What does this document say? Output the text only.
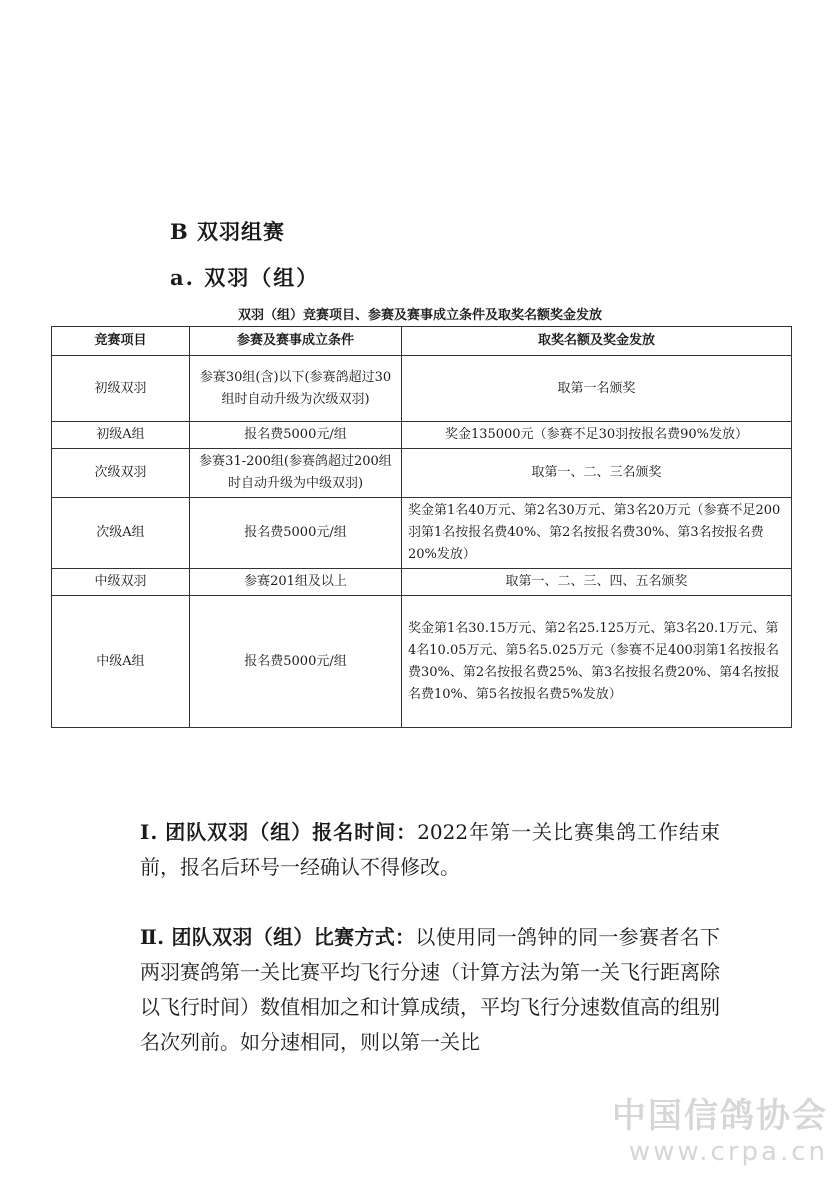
B 双羽组赛
a. 双羽（组）
双羽（组）竞赛项目、参赛及赛事成立条件及取奖名额奖金发放
竞赛项目	参赛及赛事成立条件	取奖名额及奖金发放
初级双羽	参赛30组(含)以下(参赛鸽超过30组时自动升级为次级双羽)	取第一名颁奖
初级A组	报名费5000元/组	奖金135000元（参赛不足30羽按报名费90%发放）
次级双羽	参赛31-200组(参赛鸽超过200组时自动升级为中级双羽)	取第一、二、三名颁奖
次级A组	报名费5000元/组	奖金第1名40万元、第2名30万元、第3名20万元（参赛不足200羽第1名按报名费40%、第2名按报名费30%、第3名按报名费20%发放）
中级双羽	参赛201组及以上	取第一、二、三、四、五名颁奖
中级A组	报名费5000元/组	奖金第1名30.15万元、第2名25.125万元、第3名20.1万元、第4名10.05万元、第5名5.025万元（参赛不足400羽第1名按报名费30%、第2名按报名费25%、第3名按报名费20%、第4名按报名费10%、第5名按报名费5%发放）

Ⅰ. 团队双羽（组）报名时间：2022年第一关比赛集鸽工作结束前，报名后环号一经确认不得修改。

Ⅱ. 团队双羽（组）比赛方式：以使用同一鸽钟的同一参赛者名下两羽赛鸽第一关比赛平均飞行分速（计算方法为第一关飞行距离除以飞行时间）数值相加之和计算成绩，平均飞行分速数值高的组别名次列前。如分速相同，则以第一关比

中国信鸽协会
www.crpa.cn
